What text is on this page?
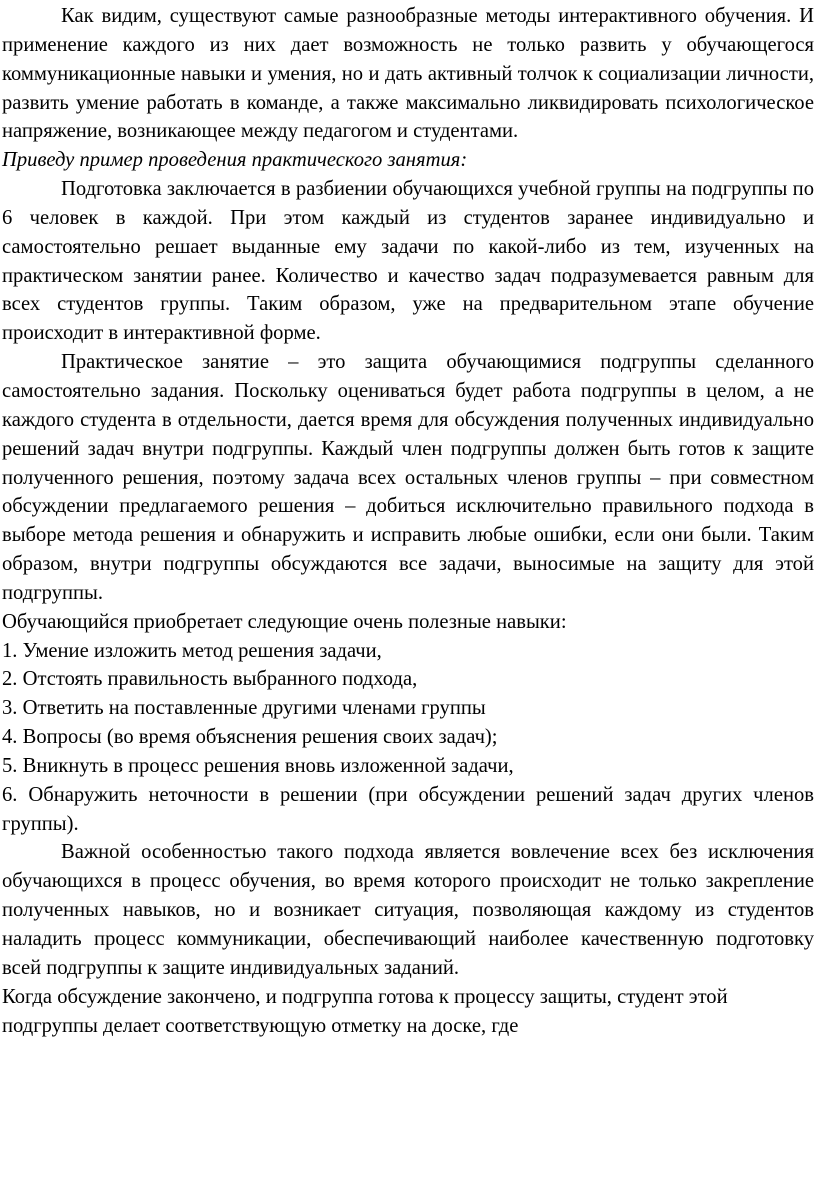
Как видим, существуют самые разнообразные методы интерактивного обучения. И применение каждого из них дает возможность не только развить у обучающегося коммуникационные навыки и умения, но и дать активный толчок к социализации личности, развить умение работать в команде, а также максимально ликвидировать психологическое напряжение, возникающее между педагогом и студентами.

Приведу пример проведения практического занятия:

Подготовка заключается в разбиении обучающихся учебной группы на подгруппы по 6 человек в каждой. При этом каждый из студентов заранее индивидуально и самостоятельно решает выданные ему задачи по какой-либо из тем, изученных на практическом занятии ранее. Количество и качество задач подразумевается равным для всех студентов группы. Таким образом, уже на предварительном этапе обучение происходит в интерактивной форме.

Практическое занятие – это защита обучающимися подгруппы сделанного самостоятельно задания. Поскольку оцениваться будет работа подгруппы в целом, а не каждого студента в отдельности, дается время для обсуждения полученных индивидуально решений задач внутри подгруппы. Каждый член подгруппы должен быть готов к защите полученного решения, поэтому задача всех остальных членов группы – при совместном обсуждении предлагаемого решения – добиться исключительно правильного подхода в выборе метода решения и обнаружить и исправить любые ошибки, если они были. Таким образом, внутри подгруппы обсуждаются все задачи, выносимые на защиту для этой подгруппы.

Обучающийся приобретает следующие очень полезные навыки:

1. Умение изложить метод решения задачи,

2. Отстоять правильность выбранного подхода,

3. Ответить на поставленные другими членами группы

4. Вопросы (во время объяснения решения своих задач);

5. Вникнуть в процесс решения вновь изложенной задачи,

6. Обнаружить неточности в решении (при обсуждении решений задач других членов группы).

Важной особенностью такого подхода является вовлечение всех без исключения обучающихся в процесс обучения, во время которого происходит не только закрепление полученных навыков, но и возникает ситуация, позволяющая каждому из студентов наладить процесс коммуникации, обеспечивающий наиболее качественную подготовку всей подгруппы к защите индивидуальных заданий.

Когда обсуждение закончено, и подгруппа готова к процессу защиты, студент этой подгруппы делает соответствующую отметку на доске, где
